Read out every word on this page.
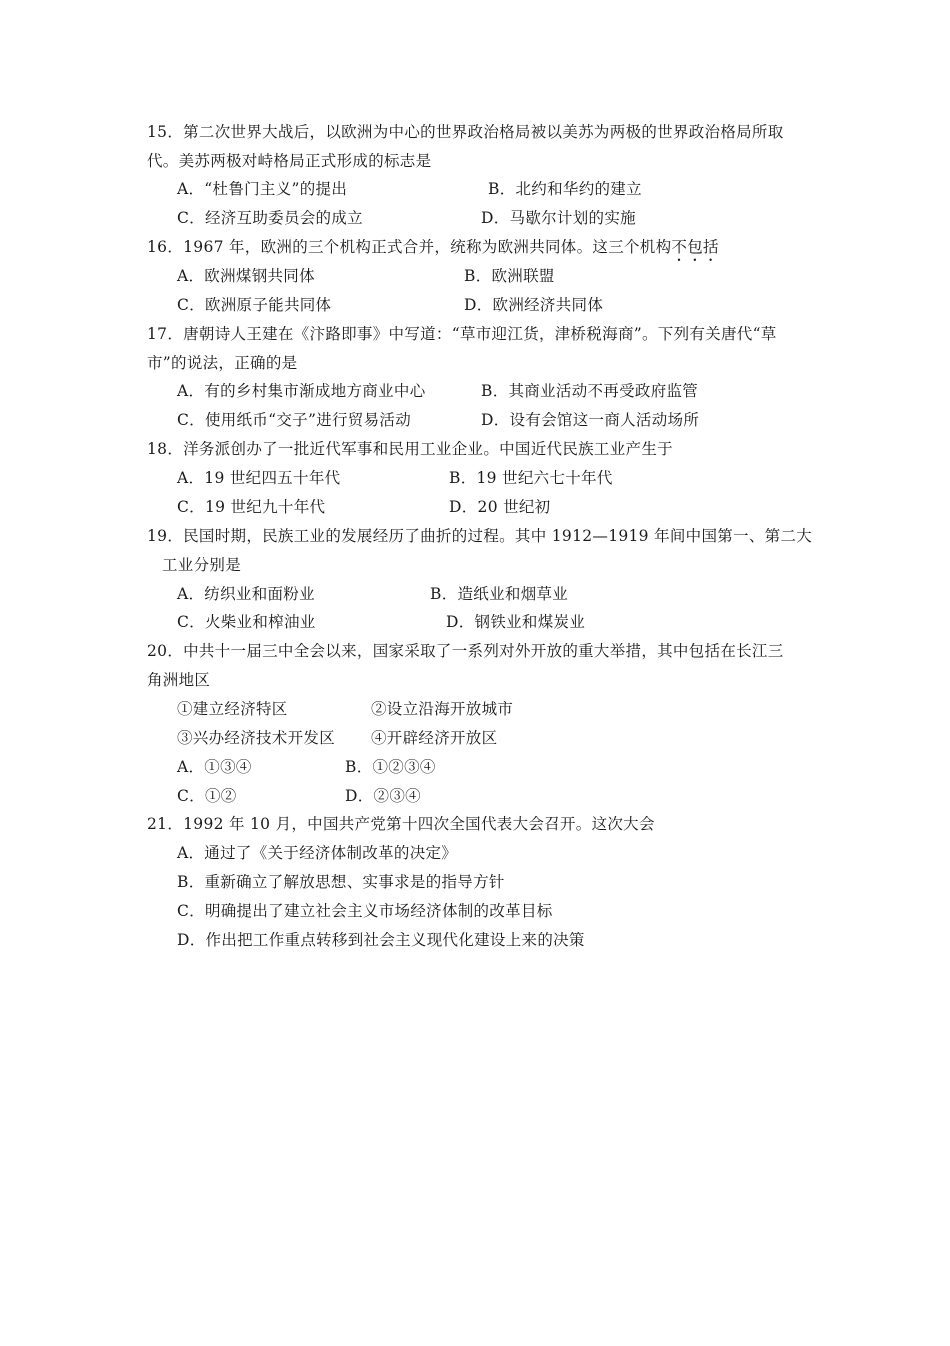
15．第二次世界大战后，以欧洲为中心的世界政治格局被以美苏为两极的世界政治格局所取
代。美苏两极对峙格局正式形成的标志是
A．“杜鲁门主义”的提出	B．北约和华约的建立
C．经济互助委员会的成立	D．马歇尔计划的实施
16．1967 年，欧洲的三个机构正式合并，统称为欧洲共同体。这三个机构不包括
A．欧洲煤钢共同体	B．欧洲联盟
C．欧洲原子能共同体	D．欧洲经济共同体
17．唐朝诗人王建在《汴路即事》中写道：“草市迎江货，津桥税海商”。下列有关唐代“草
市”的说法，正确的是
A．有的乡村集市渐成地方商业中心	B．其商业活动不再受政府监管
C．使用纸币“交子”进行贸易活动	D．设有会馆这一商人活动场所
18．洋务派创办了一批近代军事和民用工业企业。中国近代民族工业产生于
A．19 世纪四五十年代	B．19 世纪六七十年代
C．19 世纪九十年代	D．20 世纪初
19．民国时期，民族工业的发展经历了曲折的过程。其中 1912—1919 年间中国第一、第二大
工业分别是
A．纺织业和面粉业	B．造纸业和烟草业
C．火柴业和榨油业	D．钢铁业和煤炭业
20．中共十一届三中全会以来，国家采取了一系列对外开放的重大举措，其中包括在长江三
角洲地区
①建立经济特区	②设立沿海开放城市
③兴办经济技术开发区 ④开辟经济开放区
A．①③④	B．①②③④
C．①②	D．②③④
21．1992 年 10 月，中国共产党第十四次全国代表大会召开。这次大会
A．通过了《关于经济体制改革的决定》
B．重新确立了解放思想、实事求是的指导方针
C．明确提出了建立社会主义市场经济体制的改革目标
D．作出把工作重点转移到社会主义现代化建设上来的决策
